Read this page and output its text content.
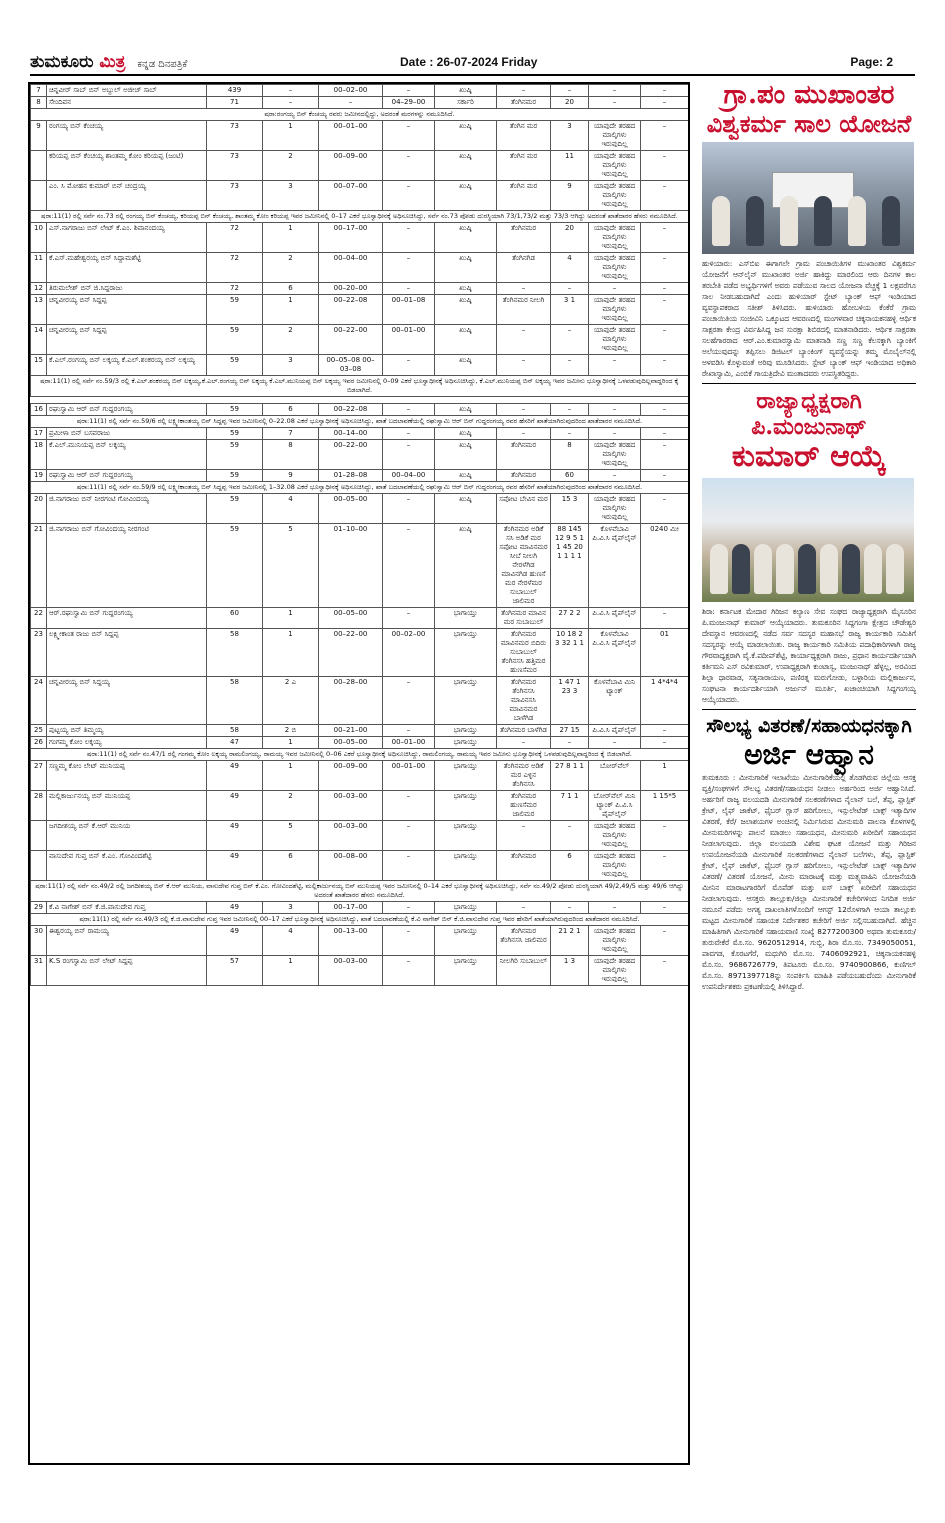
ತುಮಕೂರು ಮಿತ್ರ ಕನ್ನಡ ದಿನಪತ್ರಿಕೆ	Date : 26-07-2024 Friday	Page: 2
7	ಚಿನ್ನವೀರ್ ಸಾಬ್ ಬಿನ್ ಅಬ್ದುಲ್ ಅಜೀಜ್ ಸಾಬ್	439	–	00–02–00	–	ಖುಷ್ಕಿ	–	–	–	–
8	ಸೇಂದಿವನ	71	–	–	04–29–00	ಸರ್ಕಾರಿ	ತೆಂಗಿನಮರ	20	–	–
ಷರಾ:ರಂಗಯ್ಯ ಬಿನ್ ಕೆಂಚಯ್ಯ ರವರು ಜಮೀನದಲ್ಲಿದ್ದು, ಅದರಂತೆ ಮರಗಳನ್ನು ನಮೂದಿಸಿದೆ.										
9	ರಂಗಯ್ಯ ಬಿನ್ ಕೆಂಚಯ್ಯ	73	1	00–01–00	–	ಖುಷ್ಕಿ	ತೆಂಗಿನ ಮರ	3	ಯಾವುದೇ ತರಹದ ಮಾಲ್ಕಿಗಳು ಇರುವುದಿಲ್ಲ	–
	ಕರಿಯಪ್ಪ ಬಿನ್ ಕೆಂಚಯ್ಯ ಶಾಂತಮ್ಮ ಕೋಂ ಕರಿಯಪ್ಪ (ಜಂಟಿ)	73	2	00–09–00	–	ಖುಷ್ಕಿ	ತೆಂಗಿನ ಮರ	11	ಯಾವುದೇ ತರಹದ ಮಾಲ್ಕಿಗಳು ಇರುವುದಿಲ್ಲ	–
	ಎಂ. ಸಿ ಮೋಹನ ಕುಮಾರ್ ಬಿನ್ ಚಂದ್ರಯ್ಯ	73	3	00–07–00	–	ಖುಷ್ಕಿ	ತೆಂಗಿನ ಮರ	9	ಯಾವುದೇ ತರಹದ ಮಾಲ್ಕಿಗಳು ಇರುವುದಿಲ್ಲ	–
ಷರಾ:11(1) ರಲ್ಲಿ ಸರ್ವೆ ನಂ.73 ರಲ್ಲಿ ರಂಗಯ್ಯ ಬಿನ್ ಕೆಂಚಯ್ಯ, ಕರಿಯಪ್ಪ ಬಿನ್ ಕೆಂಚಯ್ಯ, ಶಾಂತಮ್ಮ ಕೋಂ ಕರಿಯಪ್ಪ ಇವರ ಜಮೀನಿನಲ್ಲಿ 0–17 ಎಕರೆ ಭೂಸ್ವಾಧೀನಕ್ಕೆ ಅಧಿಸೂಚಿಸಿದ್ದು, ಸರ್ವೆ ನಂ.73 ಪೋಡು ದುರಸ್ಥಿಯಾಗಿ 73/1,73/2 ಮತ್ತು 73/3 ಆಗಿದ್ದು ಅದರಂತೆ ಖಾತೆದಾರರ ಹೆಸರು ನಮೂದಿಸಿದೆ.										
10	ಎಸ್.ನಾಗರಾಜು ಬಿನ್ ಲೇಟ್ ಕೆ.ಎಂ. ಶಿವಾನಂದಯ್ಯ	72	1	00–17–00	–	ಖುಷ್ಕಿ	ತೆಂಗಿನಮರ	20	ಯಾವುದೇ ತರಹದ ಮಾಲ್ಕಿಗಳು ಇರುವುದಿಲ್ಲ	–
11	ಕೆ.ಎಸ್.ಮಹೇಶ್ವರಯ್ಯ ಬಿನ್ ಸಿದ್ದಾಮಶೆಟ್ಟಿ	72	2	00–04–00	–	ಖುಷ್ಕಿ	ತೆಂಗಿನಗಿಡ	4	ಯಾವುದೇ ತರಹದ ಮಾಲ್ಕಿಗಳು ಇರುವುದಿಲ್ಲ	–
12	ತಿರುಮಲೇಶ್ ಬಿನ್ ಜಿ.ಸಿದ್ದರಾಜು	72	6	00–20–00	–	ಖುಷ್ಕಿ	–	–	–	–
13	ಚನ್ನವೀರಯ್ಯ ಬಿನ್ ಸಿದ್ದಪ್ಪ	59	1	00–22–08	00–01–08	ಖುಷ್ಕಿ	ತೆಂಗಿನಮರ ನೀಲಗಿ	3 1	ಯಾವುದೇ ತರಹದ ಮಾಲ್ಕಿಗಳು ಇರುವುದಿಲ್ಲ	–
14	ಚನ್ನವೀರಯ್ಯ ಬಿನ್ ಸಿದ್ದಪ್ಪ	59	2	00–22–00	00–01–00	ಖುಷ್ಕಿ	–	–	ಯಾವುದೇ ತರಹದ ಮಾಲ್ಕಿಗಳು ಇರುವುದಿಲ್ಲ	–
15	ಕೆ.ಎಲ್.ರಂಗಯ್ಯ ಬಿನ್ ಲಕ್ಕಯ್ಯ ಕೆ.ಎಲ್.ಶಂಕರಯ್ಯ ಬಿನ್ ಲಕ್ಕಯ್ಯ	59	3	00–05–08 00–03–08	–	ಖುಷ್ಕಿ	–	–	–	–
ಷರಾ:11(1) ರಲ್ಲಿ ಸರ್ವೆ ನಂ.59/3 ರಲ್ಲಿ ಕೆ.ಎಲ್.ಶಂಕರಯ್ಯ ಬಿನ್ ಲಕ್ಕಯ್ಯ,ಕೆ.ಎಲ್.ರಂಗಯ್ಯ ಬಿನ್ ಲಕ್ಕಯ್ಯ ಕೆ.ಎಲ್.ಮುನಿಯಪ್ಪ ಬಿನ್ ಲಕ್ಕಯ್ಯ ಇವರ ಜಮೀನಿನಲ್ಲಿ 0–09 ಎಕರೆ ಭೂಸ್ವಾಧೀನಕ್ಕೆ ಅಧಿಸೂಚಿಸಿದ್ದು, ಕೆ.ಎಲ್.ಮುನಿಯಪ್ಪ ಬಿನ್ ಲಕ್ಕಯ್ಯ ಇವರ ಜಮೀನು ಭೂಸ್ವಾಧೀನಕ್ಕೆ ಒಳಪಡುವುದಿಲ್ಲವಾದ್ದರಿಂದ ಕೈ ಬಿಡಲಾಗಿದೆ.										

16	ರಘುಸ್ವಾಮಿ ಆರ್ ಬಿನ್ ಗುದ್ದರಂಗಯ್ಯ	59	6	00–22–08	–	ಖುಷ್ಕಿ	–	–	–	–
ಷರಾ:11(1) ರಲ್ಲಿ ಸರ್ವೆ ನಂ.59/6 ರಲ್ಲಿ ಲಕ್ಷ್ಮೀಕಾಂತಯ್ಯ ಬಿನ್ ಸಿದ್ದಪ್ಪ ಇವರ ಜಮೀನಿನಲ್ಲಿ 0–22.08 ಎಕರೆ ಭೂಸ್ವಾಧೀನಕ್ಕೆ ಅಧಿಸೂಚಿಸಿದ್ದು, ಖಾತೆ ಬದಲಾವಣೆಯಲ್ಲಿ ರಘುಸ್ವಾಮಿ ಆರ್ ಬಿನ್ ಗುದ್ದರಂಗಯ್ಯ ರವರ ಹೆಸರಿಗೆ ಖಾತೆಯಾಗಿರುವುದರಿಂದ ಖಾತೆದಾರರ ನಮೂದಿಸಿದೆ.										
17	ಪ್ರಮೀಳಾ ಬಿನ್ ಬಸವರಾಜು	59	7	00–14–00	–	ಖುಷ್ಕಿ	–	–	–	–
18	ಕೆ.ಎಲ್.ಮುನಿಯಪ್ಪ ಬಿನ್ ಲಕ್ಕಯ್ಯ	59	8	00–22–00	–	ಖುಷ್ಕಿ	ತೆಂಗಿನಮರ	8	ಯಾವುದೇ ತರಹದ ಮಾಲ್ಕಿಗಳು ಇರುವುದಿಲ್ಲ	–
19	ರಘುಸ್ವಾಮಿ ಆರ್ ಬಿನ್ ಗುದ್ದರಂಗಯ್ಯ	59	9	01–28–08	00–04–00	ಖುಷ್ಕಿ	ತೆಂಗಿನಮರ	60	–	–
ಷರಾ:11(1) ರಲ್ಲಿ ಸರ್ವೆ ನಂ.59/9 ರಲ್ಲಿ ಲಕ್ಷ್ಮೀಕಾಂತಯ್ಯ ಬಿನ್ ಸಿದ್ದಪ್ಪ ಇವರ ಜಮೀನಿನಲ್ಲಿ 1–32.08 ಎಕರೆ ಭೂಸ್ವಾಧೀನಕ್ಕೆ ಅಧಿಸೂಚಿಸಿದ್ದು, ಖಾತೆ ಬದಲಾವಣೆಯಲ್ಲಿ ರಘುಸ್ವಾಮಿ ಆರ್ ಬಿನ್ ಗುದ್ದರಂಗಯ್ಯ ರವರ ಹೆಸರಿಗೆ ಖಾತೆಯಾಗಿರುವುದರಿಂದ ಖಾತೆದಾರರ ನಮೂದಿಸಿದೆ.										
20	ಜಿ.ನಾಗರಾಜು ಬಿನ್ ನೀರಗಂಟಿ ಗೋವಿಂದಯ್ಯ	59	4	00–05–00	–	ಖುಷ್ಕಿ	ಸಪೋಟ ಬೇವಿನ ಮರ	15 3	ಯಾವುದೇ ತರಹದ ಮಾಲ್ಕಿಗಳು ಇರುವುದಿಲ್ಲ	–
21	ಜಿ.ನಾಗರಾಜು ಬಿನ್ ಗೋವಿಂದಯ್ಯ ನೀರಗಂಟಿ	59	5	01–10–00	–	ಖುಷ್ಕಿ	ತೆಂಗಿನಮರ ಅಡಿಕೆ ಸಸಿ ಅಡಿಕೆ ಮರ ಸಪೋಟ ಮಾವಿನಮರ ಸೀಬೆ ನೀಲಗಿ ನೇರಳೆಗಿಡ ಮಾವಿನಗಿಡ ಹುಣಸೆ ಮರ ನೇರಳೆಮರ ಸುಬಾಬುಲ್ ಜಾಲಿಮರ	88 145 12 9 5 1 1 45 20 1 1 1 1	ಕೊಳವೆಬಾವಿ ಪಿ.ವಿ.ಸಿ ಪೈಪ್‌ಲೈನ್	0240 ಮೀ
22	ಆರ್.ರಘುಸ್ವಾಮಿ ಬಿನ್ ಗುದ್ದರಂಗಯ್ಯ	60	1	00–05–00	–	ಭಾಗಾಯ್ತು	ತೆಂಗಿನಮರ ಮಾವಿನ ಮರ ಸುಬಾಬುಲ್	27 2 2	ಪಿ.ವಿ.ಸಿ ಪೈಪ್‌ಲೈನ್	–
23	ಲಕ್ಷ್ಮೀಕಾಂತ ರಾಜು ಬಿನ್ ಸಿದ್ದಪ್ಪ	58	1	00–22–00	00–02–00	ಭಾಗಾಯ್ತು	ತೆಂಗಿನಮರ ಮಾವಿನಮರ ಬಿದಿರು ಸುಬಾಬುಲ್ ತೆಂಗಿನಸಸಿ ಹತ್ತಿಮರ ಹುಣಸೆಮರ	10 18 2 3 32 1 1	ಕೊಳವೆಬಾವಿ ಪಿ.ವಿ.ಸಿ ಪೈಪ್‌ಲೈನ್	01
24	ಚನ್ನವೀರಯ್ಯ ಬಿನ್ ಸಿದ್ದಯ್ಯ	58	2 ಎ	00–28–00	–	ಭಾಗಾಯ್ತು	ತೆಂಗಿನಮರ ತೆಂಗಿನಸಸಿ ಮಾವಿನಸಸಿ ಮಾವಿನಮರ ಬಾಳೆಗಿಡ	1 47 1 23 3	ಕೊಳವೆಬಾವಿ ಮಿನಿ ಟ್ಯಾಂಕ್	1 4*4*4
25	ಪುಟ್ಟಯ್ಯ ಬಿನ್ ತಿಮ್ಮಯ್ಯ	58	2 ಬಿ	00–21–00	–	ಭಾಗಾಯ್ತು	ತೆಂಗಿನಮರ ಬಾಳೆಗಿಡ	27 15	ಪಿ.ವಿ.ಸಿ ಪೈಪ್‌ಲೈನ್	–
26	ಗಂಗಮ್ಮ ಕೋಂ ಲಕ್ಕಯ್ಯ	47	1	00–05–00	00–01–00	ಭಾಗಾಯ್ತು	–	–	–	–
ಷರಾ:11(1) ರಲ್ಲಿ ಸರ್ವೆ ನಂ.47/1 ರಲ್ಲಿ ಗಂಗಮ್ಮ ಕೋಂ ಲಕ್ಕಯ್ಯ ರಾಮಲಿಂಗಯ್ಯ, ರಾಮಯ್ಯ ಇವರ ಜಮೀನಿನಲ್ಲಿ 0–06 ಎಕರೆ ಭೂಸ್ವಾಧೀನಕ್ಕೆ ಅಧಿಸೂಚಿಸಿದ್ದು, ರಾಮಲಿಂಗಯ್ಯ, ರಾಮಯ್ಯ ಇವರ ಜಮೀನು ಭೂಸ್ವಾಧೀನಕ್ಕೆ ಒಳಪಡುವುದಿಲ್ಲವಾದ್ದರಿಂದ ಕೈ ಬಿಡಲಾಗಿದೆ.										
27	ಸಣ್ಣಮ್ಮ ಕೋಂ ಲೇಟ್ ಮುನಿಯಪ್ಪ	49	1	00–09–00	00–01–00	ಭಾಗಾಯ್ತು	ತೆಂಗಿನಮರ ಅಡಿಕೆ ಮರ ಎಳ್ಳಿನ ತೆಂಗಿನಸಸಿ	27 8 1 1	ಬೋರ್‌ವೆಲ್	1
28	ಮಲ್ಲಿಕಾರ್ಜುನಯ್ಯ ಬಿನ್ ಮುನಿಯಪ್ಪ	49	2	00–03–00	–	ಭಾಗಾಯ್ತು	ತೆಂಗಿನಮರ ಹುಣಸೆಮರ ಜಾಲಿಮರ	7 1 1	ಬೋರ್‌ವೆಲ್ ಮಿನಿ ಟ್ಯಾಂಕ್ ಪಿ.ವಿ.ಸಿ ಪೈಪ್‌ಲೈನ್	1 15*5
	ಜಗದೀಶಯ್ಯ ಬಿನ್ ಕೆ.ಆರ್ ಮುನಿಯ	49	5	00–03–00	–	ಭಾಗಾಯ್ತು	–	–	ಯಾವುದೇ ತರಹದ ಮಾಲ್ಕಿಗಳು ಇರುವುದಿಲ್ಲ	–
	ವಾಸುದೇವ ಗುಪ್ತ ಬಿನ್ ಕೆ.ಎಂ. ಗೋವಿಂದಶೆಟ್ಟಿ	49	6	00–08–00	–	ಭಾಗಾಯ್ತು	ತೆಂಗಿನಮರ	6	ಯಾವುದೇ ತರಹದ ಮಾಲ್ಕಿಗಳು ಇರುವುದಿಲ್ಲ	–
ಷರಾ:11(1) ರಲ್ಲಿ ಸರ್ವೆ ನಂ.49/2 ರಲ್ಲಿ ಜಗದೀಶಯ್ಯ ಬಿನ್ ಕೆ.ಆರ್ ಮುನಿಯ, ವಾಸುದೇವ ಗುಪ್ತ ಬಿನ್ ಕೆ.ಎಂ. ಗೋವಿಂದಶೆಟ್ಟಿ, ಮಲ್ಲಿಕಾರ್ಜುನಯ್ಯ ಬಿನ್ ಮುನಿಯಪ್ಪ ಇವರ ಜಮೀನಿನಲ್ಲಿ 0–14 ಎಕರೆ ಭೂಸ್ವಾಧೀನಕ್ಕೆ ಅಧಿಸೂಚಿಸಿದ್ದು, ಸರ್ವೆ ನಂ.49/2 ಪೋಡು ದುರಸ್ಥಿಯಾಗಿ 49/2,49/5 ಮತ್ತು 49/6 ಆಗಿದ್ದು ಅದರಂತೆ ಖಾತೆದಾರರ ಹೆಸರು ನಮೂದಿಸಿದೆ.										
29	ಕೆ.ವಿ ನಾಗೇಶ್ ಬಿನ್ ಕೆ.ಜಿ.ವಾಸುದೇವ ಗುಪ್ತ	49	3	00–17–00	–	ಭಾಗಾಯ್ತು	–	–	–	–
ಷರಾ:11(1) ರಲ್ಲಿ ಸರ್ವೆ ನಂ.49/3 ರಲ್ಲಿ ಕೆ.ಜಿ.ವಾಸುದೇವ ಗುಪ್ತ ಇವರ ಜಮೀನಿನಲ್ಲಿ 00–17 ಎಕರೆ ಭೂಸ್ವಾಧೀನಕ್ಕೆ ಅಧಿಸೂಚಿಸಿದ್ದು, ಖಾತೆ ಬದಲಾವಣೆಯಲ್ಲಿ ಕೆ.ವಿ ನಾಗೇಶ್ ಬಿನ್ ಕೆ.ಜಿ.ವಾಸುದೇವ ಗುಪ್ತ ಇವರ ಹೆಸರಿಗೆ ಖಾತೆಯಾಗಿರುವುದರಿಂದ ಖಾತೆದಾರರ ನಮೂದಿಸಿದೆ.										
30	ಈಶ್ವರಯ್ಯ ಬಿನ್ ರಾಮಯ್ಯ	49	4	00–13–00	–	ಭಾಗಾಯ್ತು	ತೆಂಗಿನಮರ ತೆಂಗಿನಸಸಿ ಜಾಲಿಮರ	21 2 1	ಯಾವುದೇ ತರಹದ ಮಾಲ್ಕಿಗಳು ಇರುವುದಿಲ್ಲ	–
31	K.S ರಂಗಸ್ವಾಮಿ ಬಿನ್ ಲೇಟ್ ಸಿದ್ದಪ್ಪ	57	1	00–03–00	–	ಭಾಗಾಯ್ತು	ನೀಲಗಿರಿ ಸುಬಾಬುಲ್	1 3	ಯಾವುದೇ ತರಹದ ಮಾಲ್ಕಿಗಳು ಇರುವುದಿಲ್ಲ	–
ಗ್ರಾ.ಪಂ ಮುಖಾಂತರ
ವಿಶ್ವಕರ್ಮ ಸಾಲ ಯೋಜನೆ
ಹುಳಿಯಾರು: ಎಸ್‌ಬಿಐ ಈಗಾಗಲೇ ಗ್ರಾಮ ಪಂಚಾಯಿತಿಗಳ ಮುಖಾಂತರ ವಿಶ್ವಕರ್ಮ ಯೋಜನೆಗೆ ಆನ್‌ಲೈನ್ ಮುಖಾಂತರ ಅರ್ಜಿ ಹಾಕಿದ್ದು ಮಾರಲಿಂದ ಆರು ದಿನಗಳ ಕಾಲ ತರಬೇತಿ ಪಡೆದ ಅಭ್ಯರ್ಥಿಗಳಿಗೆ ಅವರು ಪಡೆಯುವ ಸಾಲದ ಯೋಜನಾ ವೆಚ್ಚಕ್ಕೆ 1 ಲಕ್ಷವರೆಗೂ ಸಾಲ ನೀಡಬಹುದಾಗಿದೆ ಎಂದು ಹುಳಿಯಾರ್ ಸ್ಟೇಟ್ ಬ್ಯಾಂಕ್ ಆಫ್ ಇಂಡಿಯಾದ ವ್ಯವಸ್ಥಾಪಕರಾದ ಸತೀಶ್ ತಿಳಿಸಿದರು. ಹುಳಿಯಾರು ಹೋಬಳಿಯ ಕೆಂಕೆರೆ ಗ್ರಾಮ ಪಂಚಾಯಿತಿಯ ಸಂಜೀವಿನಿ ಒಕ್ಕೂಟದ ಆವರಣದಲ್ಲಿ ಮಂಗಳವಾರ ಚಿಕ್ಕನಾಯಕನಹಳ್ಳಿ ಆರ್ಥಿಕ ಸಾಕ್ಷರತಾ ಕೇಂದ್ರ ವಿರ್ವಹಿಸಿದ್ದ ಜನ ಸುರಕ್ಷಾ ಶಿಬಿರದಲ್ಲಿ ಮಾತನಾಡಿದರು. ಆರ್ಥಿಕ ಸಾಕ್ಷರತಾ ಸಲಹೆಗಾರರಾದ ಆರ್.ಎಂ.ಕುಮಾರಸ್ವಾಮಿ ಮಾತನಾಡಿ ಸಣ್ಣ ಸಣ್ಣ ಕೆಲಸಕ್ಕಾಗಿ ಬ್ಯಾಂಕಿಗೆ ಅಲೆಯುವುದನ್ನು ತಪ್ಪಿಸಲು ಡಿಜಿಟಲ್ ಬ್ಯಾಂಕಿಂಗ್ ವ್ಯವಸ್ಥೆಯನ್ನು ತಮ್ಮ ಮೊಬೈಲ್‌ನಲ್ಲಿ ಅಳವಡಿಸಿ ಕೊಳ್ಳುವಂತೆ ಅರಿವು ಮೂಡಿಸಿದರು. ಸ್ಟೇಟ್ ಬ್ಯಾಂಕ್ ಆಫ್ ಇಂಡಿಯಾದ ಅಧಿಕಾರಿ ರೇಖಾಸ್ವಾಮಿ, ಎಂಬಿಕೆ ಗಾಯತ್ರಿದೇವಿ ಮಂತಾದವರು ಉಪಸ್ಥಿತರಿದ್ದರು.
ರಾಜ್ಯಾಧ್ಯಕ್ಷರಾಗಿ ಪಿ.ಮಂಜುನಾಥ್
ಕುಮಾರ್ ಆಯ್ಕೆ
ಶಿರಾ: ಕರ್ನಾಟಕ ಮೇದಾರ ಗಿರಿಜನ ಕಲ್ಯಾಣ ಸೇವ ಸಂಘದ ರಾಜ್ಯಾಧ್ಯಕ್ಷರಾಗಿ ಮೈಸೂರಿನ ಪಿ.ಮಂಜುನಾಥ್ ಕುಮಾರ್ ಆಯ್ಕೆಯಾದರು. ತುಮಕೂರಿನ ಸಿದ್ದಗಂಗಾ ಕ್ಷೇತ್ರದ ಚೌಡೇಶ್ವರಿ ದೇವಸ್ಥಾನ ಆವರಣದಲ್ಲಿ ನಡೆದ ಸರ್ವ ಸದಸ್ಯರ ಮಹಾಸಭೆ ರಾಜ್ಯ ಕಾರ್ಯಕಾರಿ ಸಮಿತಿಗೆ ಸದಸ್ಯರನ್ನು ಆಯ್ಕೆ ಮಾಡಲಾಯಿತು. ರಾಜ್ಯ ಕಾರ್ಯಕಾರಿ ಸಮಿತಿಯ ಪದಾಧಿಕಾರಿಗಳಾಗಿ ರಾಜ್ಯ ಗೌರವಾಧ್ಯಕ್ಷರಾಗಿ ವೈ.ಕೆ.ಪದೀಪ್‌ಶೆಟ್ಟಿ, ಕಾರ್ಯಾಧ್ಯಕ್ಷರಾಗಿ ರಾಜು, ಪ್ರಧಾನ ಕಾರ್ಯದರ್ಶಿಯಾಗಿ ಕರ್ತಿಮನಿ ಎಸ್ ರವಿಕುಮಾರ್, ಉಪಾಧ್ಯಕ್ಷರಾಗಿ ಕುಂಟಾಸ್ವ, ಮಂಜುನಾಥ್ ಹೆಳ್ಳಲ್ಲ, ಅರವಿಂದ ಶಿಲ್ಪಾ ಧಾರವಾಡ, ಸತ್ಯನಾರಾಯಣ, ಪಣಿರತ್ನ ಮರುಗೋಡು, ಬಳ್ಳಾರಿಯ ಮಲ್ಲಿಕಾರ್ಜುನ, ಸಂಘಟನಾ ಕಾರ್ಯದರ್ಶಿಯಾಗಿ ಅರ್ಜುನ್ ಮೂರ್ತಿ, ಖಜಾಂಚಿಯಾಗಿ ಸಿದ್ದಗಂಗಯ್ಯ ಆಯ್ಕೆಯಾದರು.
ಸೌಲಭ್ಯ ವಿತರಣೆ/ಸಹಾಯಧನಕ್ಕಾಗಿ
ಅರ್ಜಿ ಆಹ್ವಾನ
ತುಮಕೂರು : ಮೀನುಗಾರಿಕೆ ಇಲಾಖೆಯು ಮೀನುಗಾರಿಕೆಯಲ್ಲಿ ತೊಡಗಿರುವ ಜಿಲ್ಲೆಯ ಆಸಕ್ತ ವ್ಯಕ್ತಿ/ಸಂಘಗಳಿಗೆ ಸೌಲಭ್ಯ ವಿತರಣೆ/ಸಹಾಯಧನ ನೀಡಲು ಅರ್ಹರಿಂದ ಅರ್ಜಿ ಆಹ್ವಾನಿಸಿದೆ. ಅರ್ಹರಿಗೆ ರಾಜ್ಯ ವಲಯದಡಿ ಮೀನುಗಾರಿಕೆ ಸಲಕರಣೆಗಳಾದ ನೈಲಾನ್ ಬಲೆ, ತೆಪ್ಪ, ಪ್ಲಾಸ್ಟಿಕ್ ಕ್ರೇಟ್, ಲೈಫ್ ಜಾಕೆಟ್, ಫೈಬರ್ ಗ್ಲಾಸ್ ಹರಿಗೋಲು, ಇನ್ಸುಲೇಟೆಡ್ ಬಾಕ್ಸ್ ಇತ್ಯಾದಿಗಳ ವಿತರಣೆ, ಕೆರೆ/ ಜಲಾಶಯಗಳ ಅಂಚಿನಲ್ಲಿ ನಿರ್ಮಿಸಿರುವ ಮೀನುಮರಿ ಪಾಲನಾ ಕೊಳಗಳಲ್ಲಿ ಮೀನುಮರಿಗಳನ್ನು ಪಾಲನೆ ಮಾಡಲು ಸಹಾಯಧನ, ಮೀನುಮರಿ ಖರೀದಿಗೆ ಸಹಾಯಧನ ನೀಡಲಾಗುವುದು. ಜಿಲ್ಲಾ ವಲಯದಡಿ ವಿಶೇಷ ಘಟಕ ಯೋಜನೆ ಮತ್ತು ಗಿರಿಜನ ಉಪಯೋಜನೆಯಡಿ ಮೀನುಗಾರಿಕೆ ಸಲಕರಣೆಗಳಾದ ನೈಲಾನ್ ಬಲೆಗಳು, ತೆಪ್ಪ, ಪ್ಲಾಸ್ಟಿಕ್ ಕ್ರೇಟ್, ಲೈಫ್ ಜಾಕೆಟ್, ಫೈಬರ್ ಗ್ಲಾಸ್ ಹರಿಗೋಲು, ಇನ್ಸುಲೇಟೆಡ್ ಬಾಕ್ಸ್ ಇತ್ಯಾದಿಗಳ ವಿತರಣೆ/ ವಿತರಣೆ ಯೋಜನೆ, ಮೀನು ಮಾರಾಟಕ್ಕೆ ಮತ್ತು ಮತ್ಸ್ಯವಾಹಿನಿ ಯೋಜನೆಯಡಿ ಮೀನಿನ ಮಾರಾಟಗಾರರಿಗೆ ಮೊಪೆಡ್ ಮತ್ತು ಐಸ್ ಬಾಕ್ಸ್ ಖರೀದಿಗೆ ಸಹಾಯಧನ ನೀಡಲಾಗುವುದು. ಆಸಕ್ತರು ತಾಲ್ಲೂಕು/ಜಿಲ್ಲಾ ಮೀನುಗಾರಿಕೆ ಕಚೇರಿಗಳಿಂದ ನಿಗದಿತ ಅರ್ಜಿ ನಮೂನೆ ಪಡೆದು ಅಗತ್ಯ ದಾಖಲಾತಿಗಳೊಂದಿಗೆ ಆಗಸ್ಟ್ 12ರೊಳಗಾಗಿ ಆಯಾ ತಾಲ್ಲೂಕು ಮಟ್ಟದ ಮೀನುಗಾರಿಕೆ ಸಹಾಯಕ ನಿರ್ದೇಶಕರ ಕಚೇರಿಗೆ ಅರ್ಜಿ ಸಲ್ಲಿಸಬಹುದಾಗಿದೆ. ಹೆಚ್ಚಿನ ಮಾಹಿತಿಗಾಗಿ ಮೀನುಗಾರಿಕೆ ಸಹಾಯವಾಣಿ ಸಂಖ್ಯೆ 8277200300 ಅಥವಾ ತುಮಕೂರು/ತುರುವೇಕೆರೆ ಮೊ.ಸಂ. 9620512914, ಗುಬ್ಬಿ, ಶಿರಾ ಮೊ.ಸಂ. 7349050051, ಪಾವಗಡ, ಕೊರಟಗೆರೆ, ಮಧುಗಿರಿ ಮೊ.ಸಂ. 7406092921, ಚಿಕ್ಕನಾಯಕನಹಳ್ಳಿ ಮೊ.ಸಂ. 9686726779, ತಿಪಟೂರು ಮೊ.ಸಂ. 9740900866, ಕುಣಿಗಲ್ ಮೊ.ಸಂ. 8971397718ನ್ನು ಸಂಪರ್ಕಿಸಿ ಮಾಹಿತಿ ಪಡೆಯಬಹುದೆಂದು ಮೀನುಗಾರಿಕೆ ಉಪನಿರ್ದೇಶಕರು ಪ್ರಕಟಣೆಯಲ್ಲಿ ತಿಳಿಸಿದ್ದಾರೆ.
